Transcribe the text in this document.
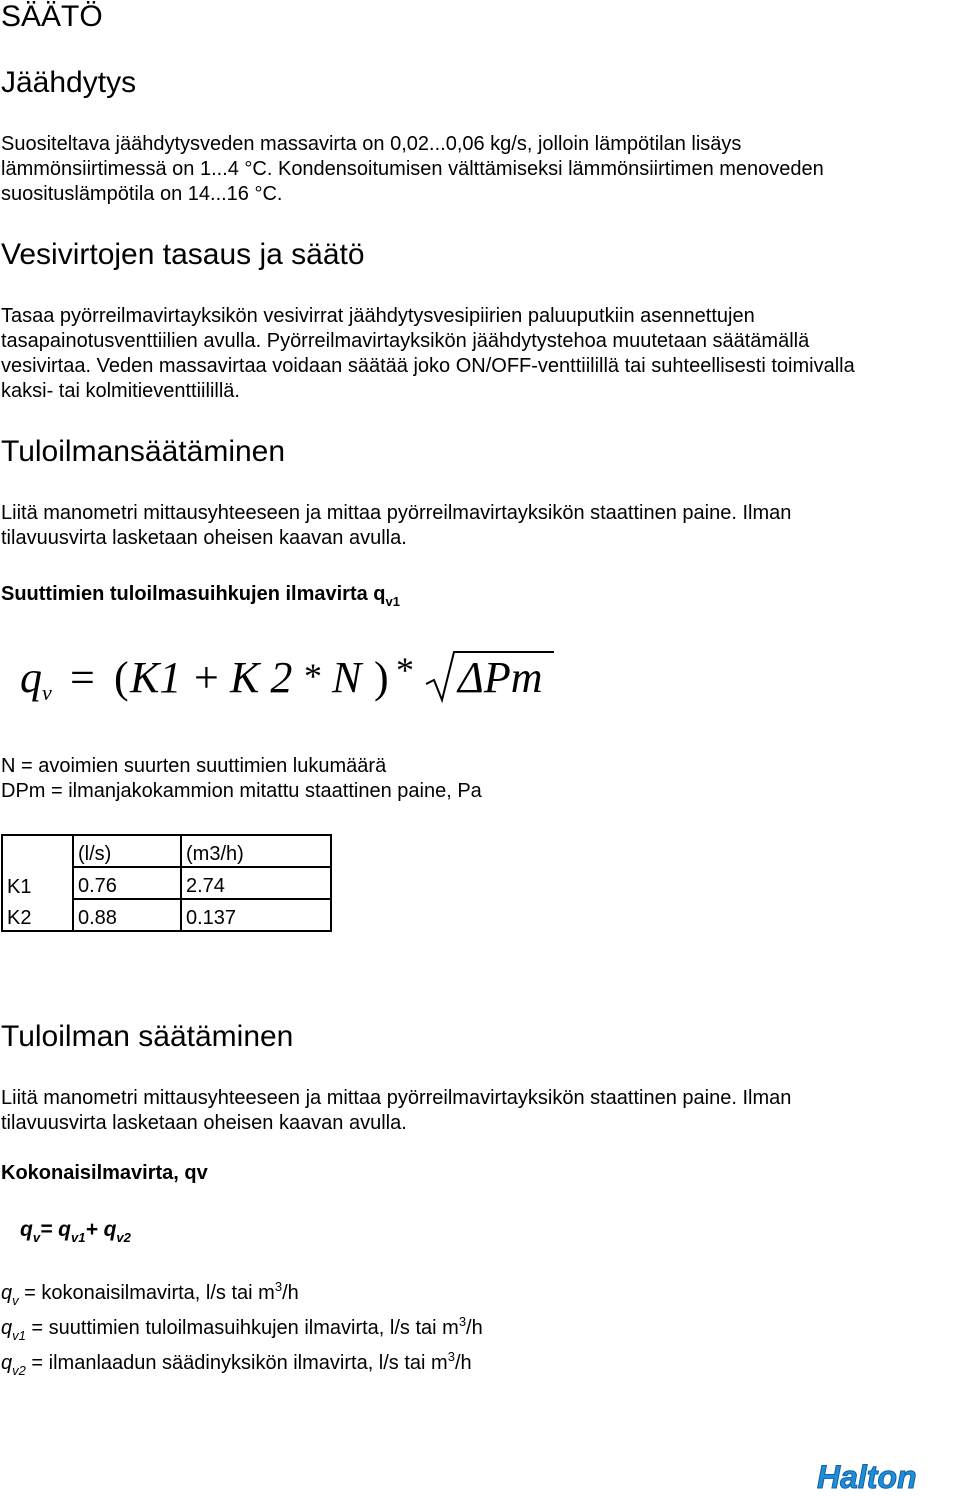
SÄÄTÖ
Jäähdytys
Suositeltava jäähdytysveden massavirta on 0,02...0,06 kg/s, jolloin lämpötilan lisäys
lämmönsiirtimessä on 1...4 °C. Kondensoitumisen välttämiseksi lämmönsiirtimen menoveden
suosituslämpötila on 14...16 °C.
Vesivirtojen tasaus ja säätö
Tasaa pyörreilmavirtayksikön vesivirrat jäähdytysvesipiirien paluuputkiin asennettujen
tasapainotusventtiilien avulla. Pyörreilmavirtayksikön jäähdytystehoa muutetaan säätämällä
vesivirtaa. Veden massavirtaa voidaan säätää joko ON/OFF-venttiilillä tai suhteellisesti toimivalla
kaksi- tai kolmitieventtiilillä.
Tuloilmansäätäminen
Liitä manometri mittausyhteeseen ja mittaa pyörreilmavirtayksikön staattinen paine. Ilman
tilavuusvirta lasketaan oheisen kaavan avulla.
Suuttimien tuloilmasuihkujen ilmavirta $q_{v1}$
q v = ( K1 + K 2 * N ) * ΔPm
N = avoimien suurten suuttimien lukumäärä
DPm = ilmanjakokammion mitattu staattinen paine, Pa
	(l/s)	(m3/h)
K1	0.76	2.74
K2	0.88	0.137
Tuloilman säätäminen
Liitä manometri mittausyhteeseen ja mittaa pyörreilmavirtayksikön staattinen paine. Ilman
tilavuusvirta lasketaan oheisen kaavan avulla.
Kokonaisilmavirta, qv
$q_v= q_{v1}+ q_{v2}$
$q_v$ = kokonaisilmavirta, l/s tai $m^3/h$
$q_{v1}$ = suuttimien tuloilmasuihkujen ilmavirta, l/s tai $m^3/h$
$q_{v2}$ = ilmanlaadun säädinyksikön ilmavirta, l/s tai $m^3/h$
Halton
